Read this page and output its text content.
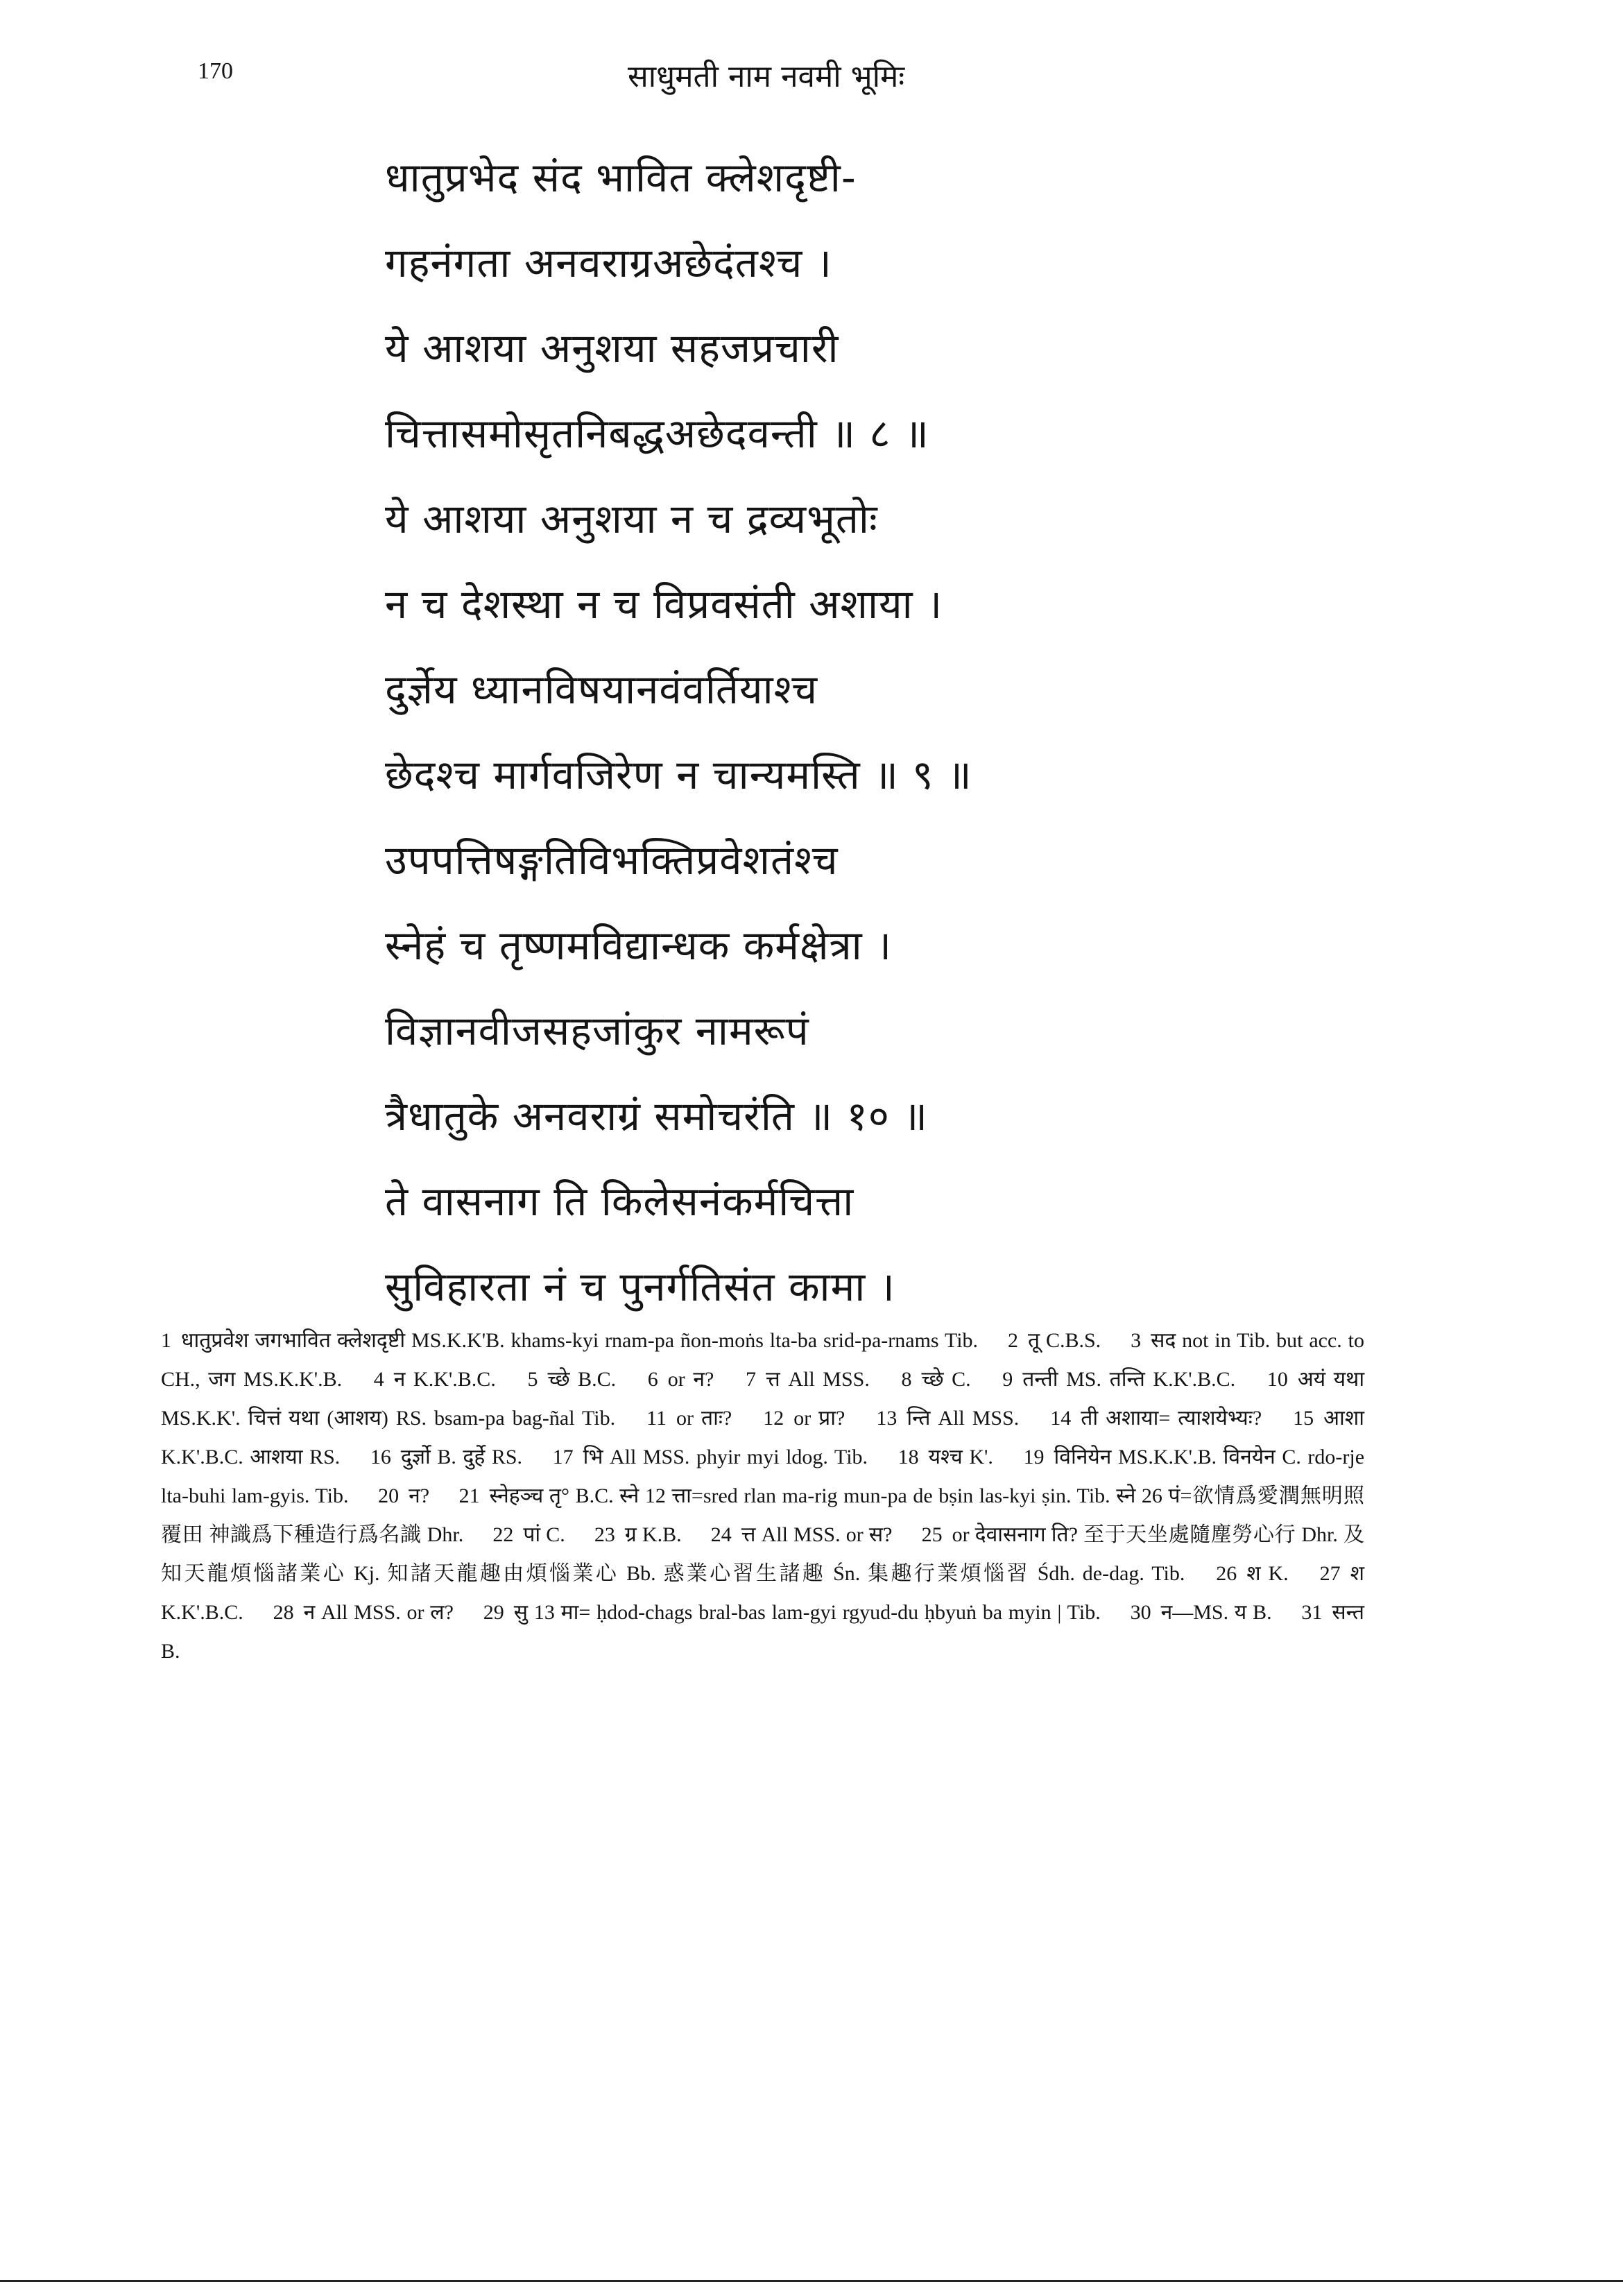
170	साधुमती नाम नवमी भूमिः
धातुप्रभेद संद भावित क्लेशदृष्टी-
गहनंगता अनवराग्रअछेदंतश्च ।
ये आशया अनुशया सहजप्रचारी
चित्तासमोसृतनिबद्धअछेदवन्ती ॥ ८ ॥
ये आशया अनुशया न च द्रव्यभूतोः
न च देशस्था न च विप्रवसंती अशाया ।
दुर्ज्ञेय ध्यानविषयानवंवर्तियाश्च
छेदश्च मार्गवजिरेण न चान्यमस्ति ॥ ९ ॥
उपपत्तिषङ्गतिविभक्तिप्रवेशतंश्च
स्नेहं च तृष्णमविद्यान्धक कर्मक्षेत्रा ।
विज्ञानवीजसहजांकुर नामरूपं
त्रैधातुके अनवराग्रं समोचरंति ॥ १० ॥
ते वासनाग ति किलेसनंकर्मचित्ता
सुविहारता नं च पुनर्गतिसंत कामा ।
1 धातुप्रवेश जगभावित क्लेशदृष्टी MS.K.K'B. khams-kyi rnam-pa ñon-moṅs lta-ba srid-pa-rnams Tib. 2 तू C.B.S. 3 सद not in Tib. but acc. to CH., जग MS.K.K'.B. 4 न K.K'.B.C. 5 च्छे B.C. 6 or न? 7 त्त All MSS. 8 च्छे C. 9 तन्ती MS. तन्ति K.K'.B.C. 10 अयं यथा MS.K.K'. चित्तं यथा (आशय) RS. bsam-pa bag-ñal Tib. 11 or ताः? 12 or प्रा? 13 न्ति All MSS. 14 ती अशाया= त्याशयेभ्यः? 15 आशा K.K'.B.C. आशया RS. 16 दुर्ज्ञो B. दुर्हे RS. 17 भि All MSS. phyir myi ldog. Tib. 18 यश्च K'. 19 विनियेन MS.K.K'.B. विनयेन C. rdo-rje lta-buhi lam-gyis. Tib. 20 न? 21 स्नेहञ्च तृ° B.C. स्ने 12 त्ता=sred rlan ma-rig mun-pa de bṣin las-kyi ṣin. Tib. स्ने 26 पं=欲情爲愛潤無明照覆田 神識爲下種造行爲名識 Dhr. 22 पां C. 23 ग्र K.B. 24 त्त All MSS. or स? 25 or देवासनाग ति? 至于天坐處隨塵勞心行 Dhr. 及知天龍煩惱諸業心 Kj. 知諸天龍趣由煩惱業心 Bb. 惑業心習生諸趣 Śn. 集趣行業煩惱習 Śdh. de-dag. Tib. 26 श K. 27 श K.K'.B.C. 28 न All MSS. or ल? 29 सु 13 मा= ḥdod-chags bral-bas lam-gyi rgyud-du ḥbyuṅ ba myin | Tib. 30 न—MS. य B. 31 सन्त B.
